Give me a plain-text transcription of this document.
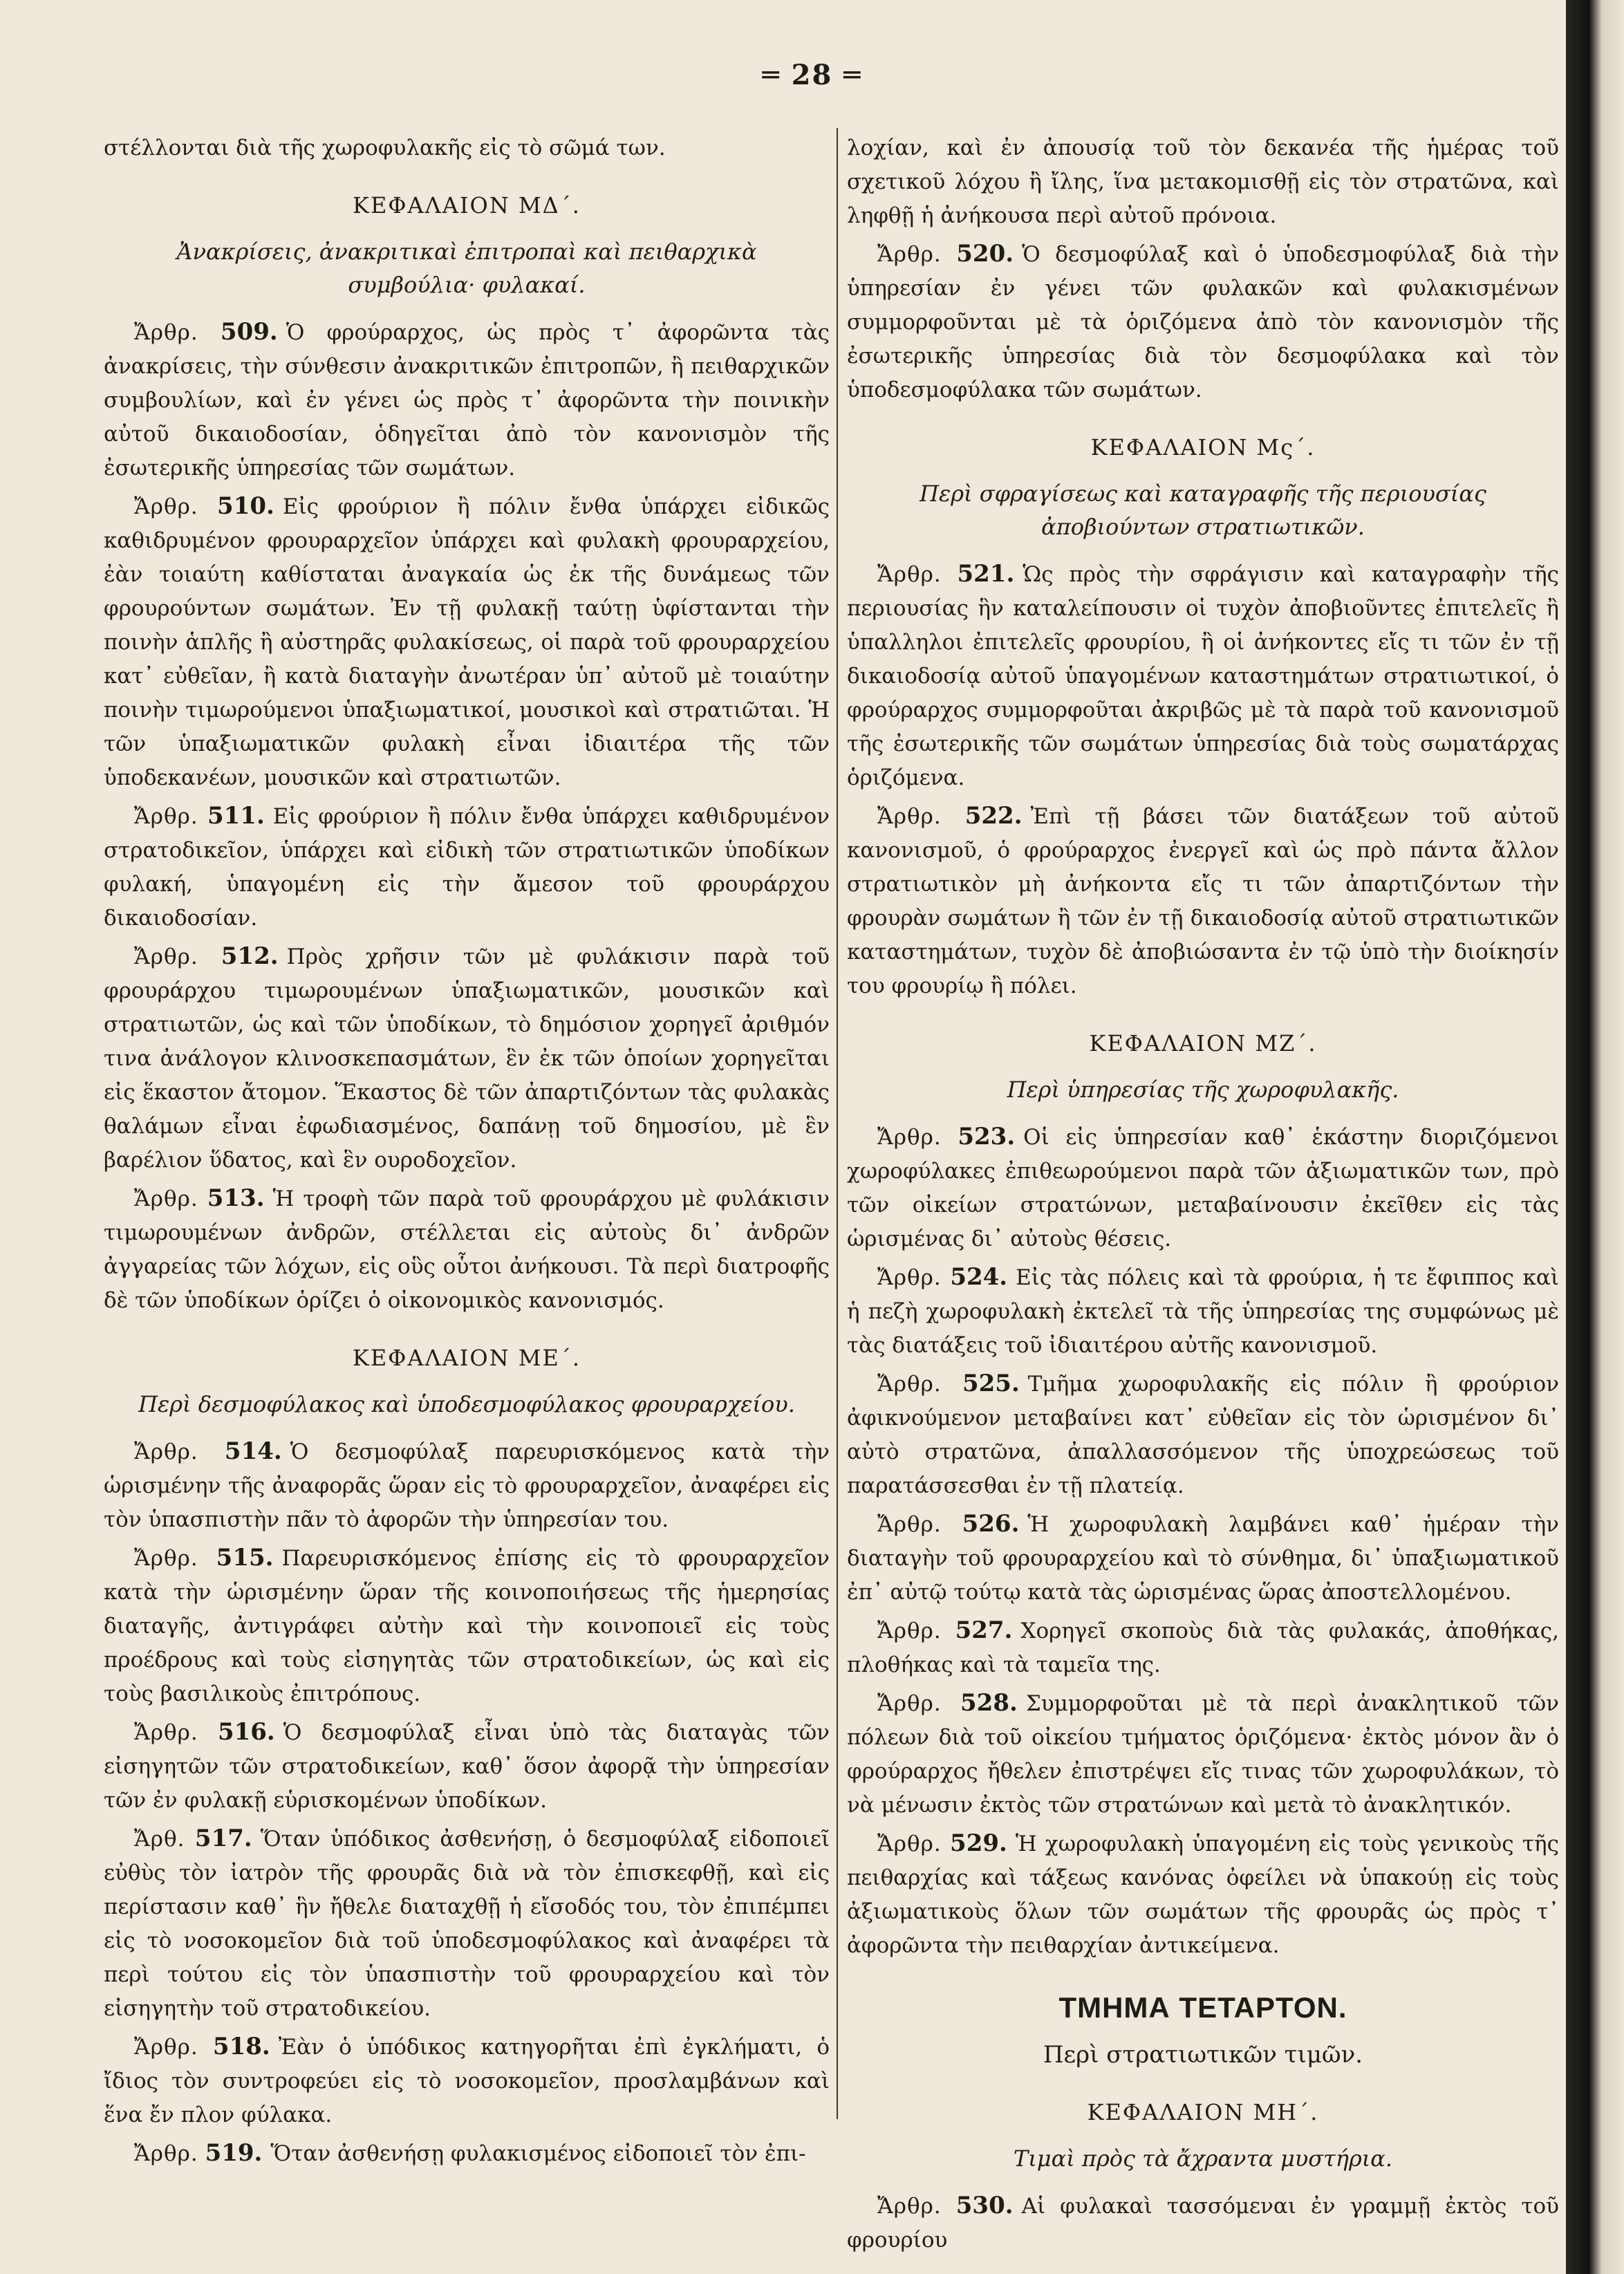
═ 28 ═

στέλλονται διὰ τῆς χωροφυλακῆς εἰς τὸ σῶμά των.

ΚΕΦΑΛΑΙΟΝ ΜΔ΄.

Ἀνακρίσεις, ἀνακριτικαὶ ἐπιτροπαὶ καὶ πειθαρχικὰ συμβούλια· φυλακαί.

Ἄρθρ. 509. Ὁ φρούραρχος, ὡς πρὸς τ᾽ ἀφορῶντα τὰς ἀνακρίσεις, τὴν σύνθεσιν ἀνακριτικῶν ἐπιτροπῶν, ἢ πειθαρχικῶν συμβουλίων, καὶ ἐν γένει ὡς πρὸς τ᾽ ἀφορῶντα τὴν ποινικὴν αὐτοῦ δικαιοδοσίαν, ὁδηγεῖται ἀπὸ τὸν κανονισμὸν τῆς ἐσωτερικῆς ὑπηρεσίας τῶν σωμάτων.

Ἄρθρ. 510. Εἰς φρούριον ἢ πόλιν ἔνθα ὑπάρχει εἰδικῶς καθιδρυμένον φρουραρχεῖον ὑπάρχει καὶ φυλακὴ φρουραρχείου, ἐὰν τοιαύτη καθίσταται ἀναγκαία ὡς ἐκ τῆς δυνάμεως τῶν φρουρούντων σωμάτων. Ἐν τῇ φυλακῇ ταύτῃ ὑφίστανται τὴν ποινὴν ἁπλῆς ἢ αὐστηρᾶς φυλακίσεως, οἱ παρὰ τοῦ φρουραρχείου κατ᾽ εὐθεῖαν, ἢ κατὰ διαταγὴν ἀνωτέραν ὑπ᾽ αὐτοῦ μὲ τοιαύτην ποινὴν τιμωρούμενοι ὑπαξιωματικοί, μουσικοὶ καὶ στρατιῶται. Ἡ τῶν ὑπαξιωματικῶν φυλακὴ εἶναι ἰδιαιτέρα τῆς τῶν ὑποδεκανέων, μουσικῶν καὶ στρατιωτῶν.

Ἄρθρ. 511. Εἰς φρούριον ἢ πόλιν ἔνθα ὑπάρχει καθιδρυμένον στρατοδικεῖον, ὑπάρχει καὶ εἰδικὴ τῶν στρατιωτικῶν ὑποδίκων φυλακή, ὑπαγομένη εἰς τὴν ἄμεσον τοῦ φρουράρχου δικαιοδοσίαν.

Ἄρθρ. 512. Πρὸς χρῆσιν τῶν μὲ φυλάκισιν παρὰ τοῦ φρουράρχου τιμωρουμένων ὑπαξιωματικῶν, μουσικῶν καὶ στρατιωτῶν, ὡς καὶ τῶν ὑποδίκων, τὸ δημόσιον χορηγεῖ ἀριθμόν τινα ἀνάλογον κλινοσκεπασμάτων, ἓν ἐκ τῶν ὁποίων χορηγεῖται εἰς ἕκαστον ἄτομον. Ἕκαστος δὲ τῶν ἀπαρτιζόντων τὰς φυλακὰς θαλάμων εἶναι ἐφωδιασμένος, δαπάνῃ τοῦ δημοσίου, μὲ ἓν βαρέλιον ὕδατος, καὶ ἓν ουροδοχεῖον.

Ἄρθρ. 513. Ἡ τροφὴ τῶν παρὰ τοῦ φρουράρχου μὲ φυλάκισιν τιμωρουμένων ἀνδρῶν, στέλλεται εἰς αὐτοὺς δι᾽ ἀνδρῶν ἀγγαρείας τῶν λόχων, εἰς οὓς οὗτοι ἀνήκουσι. Τὰ περὶ διατροφῆς δὲ τῶν ὑποδίκων ὁρίζει ὁ οἰκονομικὸς κανονισμός.

ΚΕΦΑΛΑΙΟΝ ΜΕ΄.

Περὶ δεσμοφύλακος καὶ ὑποδεσμοφύλακος φρουραρχείου.

Ἄρθρ. 514. Ὁ δεσμοφύλαξ παρευρισκόμενος κατὰ τὴν ὡρισμένην τῆς ἀναφορᾶς ὥραν εἰς τὸ φρουραρχεῖον, ἀναφέρει εἰς τὸν ὑπασπιστὴν πᾶν τὸ ἀφορῶν τὴν ὑπηρεσίαν του.

Ἄρθρ. 515. Παρευρισκόμενος ἐπίσης εἰς τὸ φρουραρχεῖον κατὰ τὴν ὡρισμένην ὥραν τῆς κοινοποιήσεως τῆς ἡμερησίας διαταγῆς, ἀντιγράφει αὐτὴν καὶ τὴν κοινοποιεῖ εἰς τοὺς προέδρους καὶ τοὺς εἰσηγητὰς τῶν στρατοδικείων, ὡς καὶ εἰς τοὺς βασιλικοὺς ἐπιτρόπους.

Ἄρθρ. 516. Ὁ δεσμοφύλαξ εἶναι ὑπὸ τὰς διαταγὰς τῶν εἰσηγητῶν τῶν στρατοδικείων, καθ᾽ ὅσον ἀφορᾷ τὴν ὑπηρεσίαν τῶν ἐν φυλακῇ εὑρισκομένων ὑποδίκων.

Ἄρθ. 517. Ὅταν ὑπόδικος ἀσθενήσῃ, ὁ δεσμοφύλαξ εἰδοποιεῖ εὐθὺς τὸν ἰατρὸν τῆς φρουρᾶς διὰ νὰ τὸν ἐπισκεφθῇ, καὶ εἰς περίστασιν καθ᾽ ἣν ἤθελε διαταχθῇ ἡ εἴσοδός του, τὸν ἐπιπέμπει εἰς τὸ νοσοκομεῖον διὰ τοῦ ὑποδεσμοφύλακος καὶ ἀναφέρει τὰ περὶ τούτου εἰς τὸν ὑπασπιστὴν τοῦ φρουραρχείου καὶ τὸν εἰσηγητὴν τοῦ στρατοδικείου.

Ἄρθρ. 518. Ἐὰν ὁ ὑπόδικος κατηγορῆται ἐπὶ ἐγκλήματι, ὁ ἴδιος τὸν συντροφεύει εἰς τὸ νοσοκομεῖον, προσλαμβάνων καὶ ἕνα ἔν πλον φύλακα.

Ἄρθρ. 519. Ὅταν ἀσθενήσῃ φυλακισμένος εἰδοποιεῖ τὸν ἐπι-

λοχίαν, καὶ ἐν ἀπουσίᾳ τοῦ τὸν δεκανέα τῆς ἡμέρας τοῦ σχετικοῦ λόχου ἢ ἴλης, ἵνα μετακομισθῇ εἰς τὸν στρατῶνα, καὶ ληφθῇ ἡ ἀνήκουσα περὶ αὐτοῦ πρόνοια.

Ἄρθρ. 520. Ὁ δεσμοφύλαξ καὶ ὁ ὑποδεσμοφύλαξ διὰ τὴν ὑπηρεσίαν ἐν γένει τῶν φυλακῶν καὶ φυλακισμένων συμμορφοῦνται μὲ τὰ ὁριζόμενα ἀπὸ τὸν κανονισμὸν τῆς ἐσωτερικῆς ὑπηρεσίας διὰ τὸν δεσμοφύλακα καὶ τὸν ὑποδεσμοφύλακα τῶν σωμάτων.

ΚΕΦΑΛΑΙΟΝ Μς΄.

Περὶ σφραγίσεως καὶ καταγραφῆς τῆς περιουσίας ἀποβιούντων στρατιωτικῶν.

Ἄρθρ. 521. Ὡς πρὸς τὴν σφράγισιν καὶ καταγραφὴν τῆς περιουσίας ἣν καταλείπουσιν οἱ τυχὸν ἀποβιοῦντες ἐπιτελεῖς ἢ ὑπαλληλοι ἐπιτελεῖς φρουρίου, ἢ οἱ ἀνήκοντες εἴς τι τῶν ἐν τῇ δικαιοδοσίᾳ αὐτοῦ ὑπαγομένων καταστημάτων στρατιωτικοί, ὁ φρούραρχος συμμορφοῦται ἀκριβῶς μὲ τὰ παρὰ τοῦ κανονισμοῦ τῆς ἐσωτερικῆς τῶν σωμάτων ὑπηρεσίας διὰ τοὺς σωματάρχας ὁριζόμενα.

Ἄρθρ. 522. Ἐπὶ τῇ βάσει τῶν διατάξεων τοῦ αὐτοῦ κανονισμοῦ, ὁ φρούραρχος ἐνεργεῖ καὶ ὡς πρὸ πάντα ἄλλον στρατιωτικὸν μὴ ἀνήκοντα εἴς τι τῶν ἀπαρτιζόντων τὴν φρουρὰν σωμάτων ἢ τῶν ἐν τῇ δικαιοδοσίᾳ αὐτοῦ στρατιωτικῶν καταστημάτων, τυχὸν δὲ ἀποβιώσαντα ἐν τῷ ὑπὸ τὴν διοίκησίν του φρουρίῳ ἢ πόλει.

ΚΕΦΑΛΑΙΟΝ ΜΖ΄.

Περὶ ὑπηρεσίας τῆς χωροφυλακῆς.

Ἄρθρ. 523. Οἱ εἰς ὑπηρεσίαν καθ᾽ ἑκάστην διοριζόμενοι χωροφύλακες ἐπιθεωρούμενοι παρὰ τῶν ἀξιωματικῶν των, πρὸ τῶν οἰκείων στρατώνων, μεταβαίνουσιν ἐκεῖθεν εἰς τὰς ὡρισμένας δι᾽ αὐτοὺς θέσεις.

Ἄρθρ. 524. Εἰς τὰς πόλεις καὶ τὰ φρούρια, ἡ τε ἔφιππος καὶ ἡ πεζὴ χωροφυλακὴ ἐκτελεῖ τὰ τῆς ὑπηρεσίας της συμφώνως μὲ τὰς διατάξεις τοῦ ἰδιαιτέρου αὐτῆς κανονισμοῦ.

Ἄρθρ. 525. Τμῆμα χωροφυλακῆς εἰς πόλιν ἢ φρούριον ἀφικνούμενον μεταβαίνει κατ᾽ εὐθεῖαν εἰς τὸν ὡρισμένον δι᾽ αὐτὸ στρατῶνα, ἀπαλλασσόμενον τῆς ὑποχρεώσεως τοῦ παρατάσσεσθαι ἐν τῇ πλατείᾳ.

Ἄρθρ. 526. Ἡ χωροφυλακὴ λαμβάνει καθ᾽ ἡμέραν τὴν διαταγὴν τοῦ φρουραρχείου καὶ τὸ σύνθημα, δι᾽ ὑπαξιωματικοῦ ἐπ᾽ αὐτῷ τούτῳ κατὰ τὰς ὡρισμένας ὥρας ἀποστελλομένου.

Ἄρθρ. 527. Χορηγεῖ σκοποὺς διὰ τὰς φυλακάς, ἀποθήκας, πλοθήκας καὶ τὰ ταμεῖα της.

Ἄρθρ. 528. Συμμορφοῦται μὲ τὰ περὶ ἀνακλητικοῦ τῶν πόλεων διὰ τοῦ οἰκείου τμήματος ὁριζόμενα· ἐκτὸς μόνον ἂν ὁ φρούραρχος ἤθελεν ἐπιστρέψει εἴς τινας τῶν χωροφυλάκων, τὸ νὰ μένωσιν ἐκτὸς τῶν στρατώνων καὶ μετὰ τὸ ἀνακλητικόν.

Ἄρθρ. 529. Ἡ χωροφυλακὴ ὑπαγομένη εἰς τοὺς γενικοὺς τῆς πειθαρχίας καὶ τάξεως κανόνας ὀφείλει νὰ ὑπακούῃ εἰς τοὺς ἀξιωματικοὺς ὅλων τῶν σωμάτων τῆς φρουρᾶς ὡς πρὸς τ᾽ ἀφορῶντα τὴν πειθαρχίαν ἀντικείμενα.

ΤΜΗΜΑ ΤΕΤΑΡΤΟΝ.

Περὶ στρατιωτικῶν τιμῶν.

ΚΕΦΑΛΑΙΟΝ ΜΗ΄.

Τιμαὶ πρὸς τὰ ἄχραντα μυστήρια.

Ἄρθρ. 530. Αἱ φυλακαὶ τασσόμεναι ἐν γραμμῇ ἐκτὸς τοῦ φρουρίου
